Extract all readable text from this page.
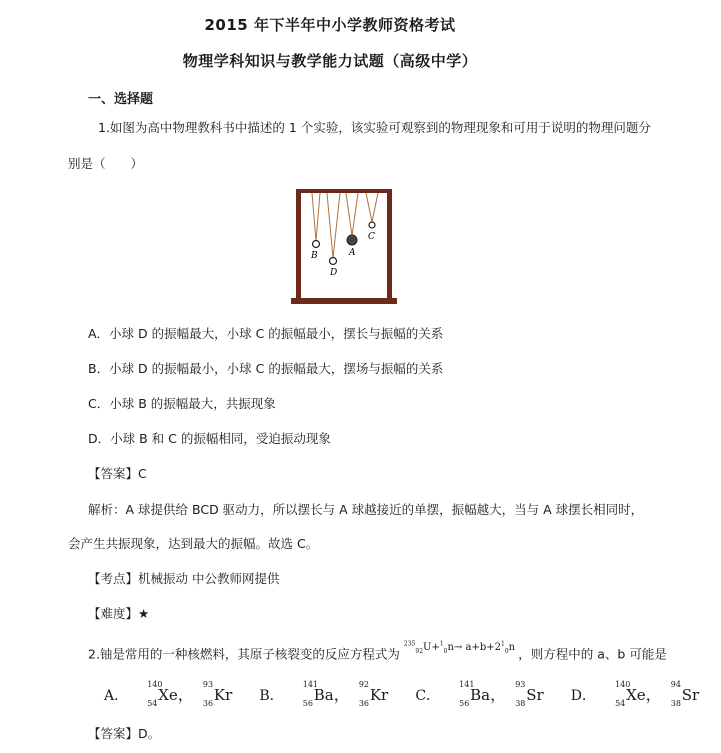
2015 年下半年中小学教师资格考试
物理学科知识与教学能力试题（高级中学）
一、选择题
1.如图为高中物理教科书中描述的 1 个实验，该实验可观察到的物理现象和可用于说明的物理问题分
别是（　　）
B
D
A
C
A．小球 D 的振幅最大，小球 C 的振幅最小，摆长与振幅的关系
B．小球 D 的振幅最小，小球 C 的振幅最大，摆场与振幅的关系
C．小球 B 的振幅最大，共振现象
D．小球 B 和 C 的振幅相同，受迫振动现象
【答案】C
解析：A 球提供给 BCD 驱动力，所以摆长与 A 球越接近的单摆，振幅越大，当与 A 球摆长相同时，
会产生共振现象，达到最大的振幅。故选 C。
【考点】机械振动 中公教师网提供
【难度】★
2.铀是常用的一种核燃料，其原子核裂变的反应方程式为 $^{^{235}_{92}U+^1_0n\to a+b+2^1_0n}$ ，则方程中的 a、b 可能是
A．
140
54 Xe，
93
36 Kr B．
141
56 Ba，
92
36 Kr C．
141
56 Ba，
93
38 Sr D．
140
54 Xe，
94
38 Sr
【答案】D。
